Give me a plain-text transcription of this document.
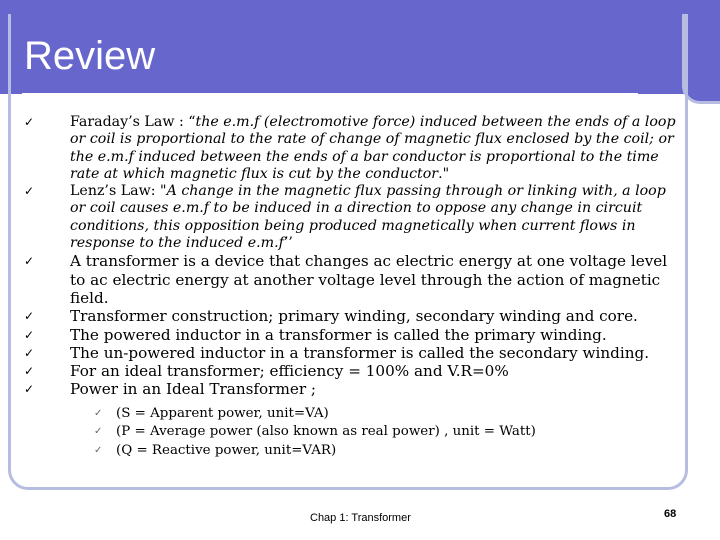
Review
✓	Faraday’s Law : “the e.m.f (electromotive force) induced between the ends of a loop or coil is proportional to the rate of change of magnetic flux enclosed by the coil; or the e.m.f induced between the ends of a bar conductor is proportional to the time rate at which magnetic flux is cut by the conductor."
✓	Lenz’s Law: "A change in the magnetic flux passing through or linking with, a loop or coil causes e.m.f to be induced in a direction to oppose any change in circuit conditions, this opposition being produced magnetically when current flows in response to the induced e.m.f’’
✓ A transformer is a device that changes ac electric energy at one voltage level to ac electric energy at another voltage level through the action of magnetic field.
✓ Transformer construction; primary winding, secondary winding and core.
✓ The powered inductor in a transformer is called the primary winding.
✓ The un-powered inductor in a transformer is called the secondary winding.
✓ For an ideal transformer; efficiency = 100% and V.R=0%
✓ Power in an Ideal Transformer ;
✓ (S = Apparent power, unit=VA)
✓ (P = Average power (also known as real power) , unit = Watt)
✓ (Q = Reactive power, unit=VAR)
Chap 1: Transformer	68
